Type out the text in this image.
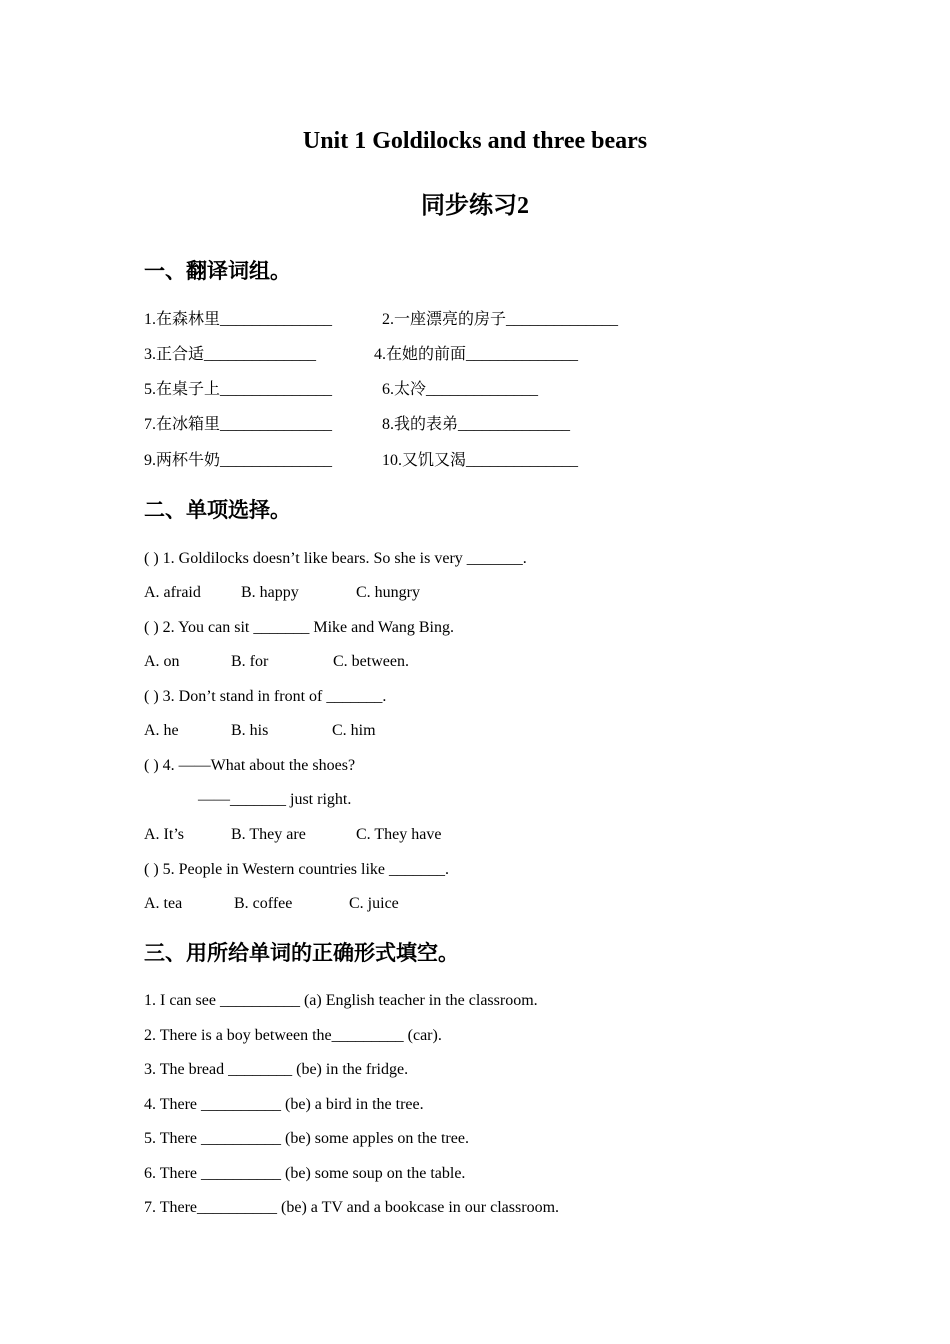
Unit 1 Goldilocks and three bears
同步练习2
一、翻译词组。
1.在森林里______________	2.一座漂亮的房子______________
3.正合适______________	4.在她的前面______________
5.在桌子上______________	6.太冷______________
7.在冰箱里______________	8.我的表弟______________
9.两杯牛奶______________	10.又饥又渴______________
二、单项选择。
( ) 1. Goldilocks doesn’t like bears. So she is very _______.
A. afraid	B. happy	C. hungry
( ) 2. You can sit _______ Mike and Wang Bing.
A. on	B. for	C. between.
( ) 3. Don’t stand in front of _______.
A. he	B. his	C. him
( ) 4. ——What about the shoes?
——_______ just right.
A. It’s	B. They are	C. They have
( ) 5. People in Western countries like _______.
A. tea	B. coffee	C. juice
三、用所给单词的正确形式填空。
1. I can see __________ (a) English teacher in the classroom.
2. There is a boy between the_________ (car).
3. The bread ________ (be) in the fridge.
4. There __________ (be) a bird in the tree.
5. There __________ (be) some apples on the tree.
6. There __________ (be) some soup on the table.
7. There__________ (be) a TV and a bookcase in our classroom.
